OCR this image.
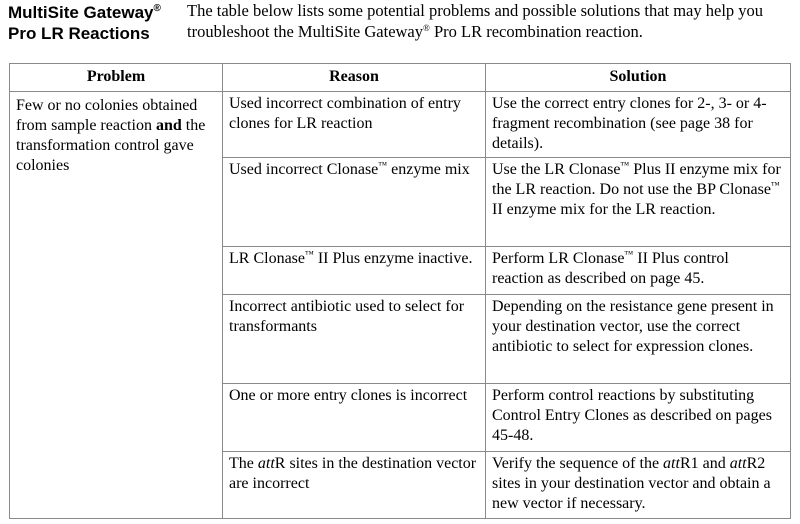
MultiSite Gateway®
Pro LR Reactions
The table below lists some potential problems and possible solutions that may help you troubleshoot the MultiSite Gateway® Pro LR recombination reaction.
Problem	Reason	Solution
Few or no colonies obtained from sample reaction and the transformation control gave colonies	Used incorrect combination of entry clones for LR reaction	Use the correct entry clones for 2-, 3- or 4-fragment recombination (see page 38 for details).
	Used incorrect Clonase™ enzyme mix	Use the LR Clonase™ Plus II enzyme mix for the LR reaction. Do not use the BP Clonase™ II enzyme mix for the LR reaction.
	LR Clonase™ II Plus enzyme inactive.	Perform LR Clonase™ II Plus control reaction as described on page 45.
	Incorrect antibiotic used to select for transformants	Depending on the resistance gene present in your destination vector, use the correct antibiotic to select for expression clones.
	One or more entry clones is incorrect	Perform control reactions by substituting Control Entry Clones as described on pages 45-48.
	The attR sites in the destination vector are incorrect	Verify the sequence of the attR1 and attR2 sites in your destination vector and obtain a new vector if necessary.
